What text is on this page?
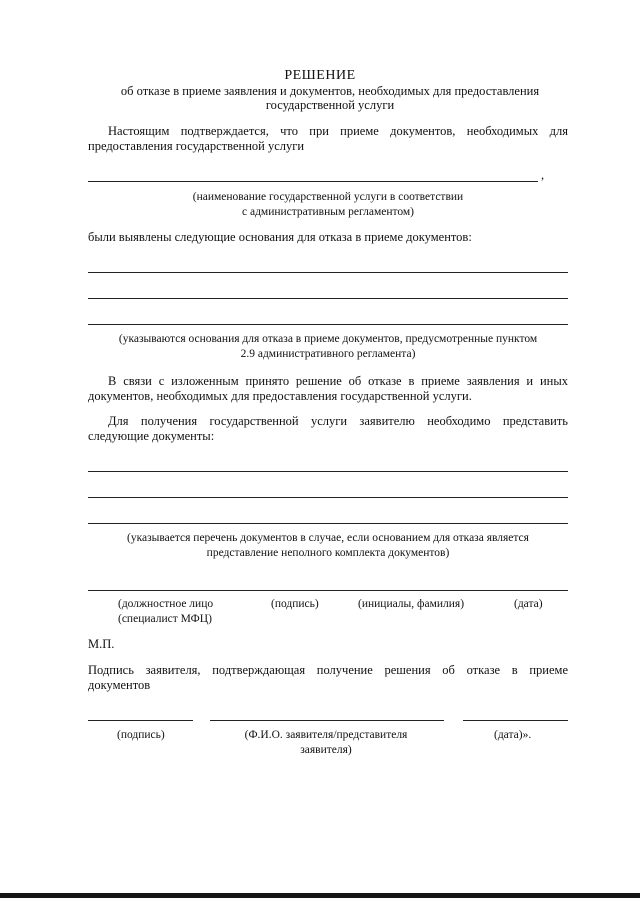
РЕШЕНИЕ
об отказе в приеме заявления и документов, необходимых для предоставления
государственной услуги
Настоящим подтверждается, что при приеме документов, необходимых для
предоставления государственной услуги
,
(наименование государственной услуги в соответствии
с административным регламентом)
были выявлены следующие основания для отказа в приеме документов:
(указываются основания для отказа в приеме документов, предусмотренные пунктом
2.9 административного регламента)
В связи с изложенным принято решение об отказе в приеме заявления и иных
документов, необходимых для предоставления государственной услуги.
Для получения государственной услуги заявителю необходимо представить
следующие документы:
(указывается перечень документов в случае, если основанием для отказа является
представление неполного комплекта документов)
(должностное лицо
(специалист МФЦ)
(подпись)	(инициалы, фамилия)	(дата)
М.П.
Подпись заявителя, подтверждающая получение решения об отказе в приеме
документов
(подпись)	(Ф.И.О. заявителя/представителя
заявителя)
(дата)».
